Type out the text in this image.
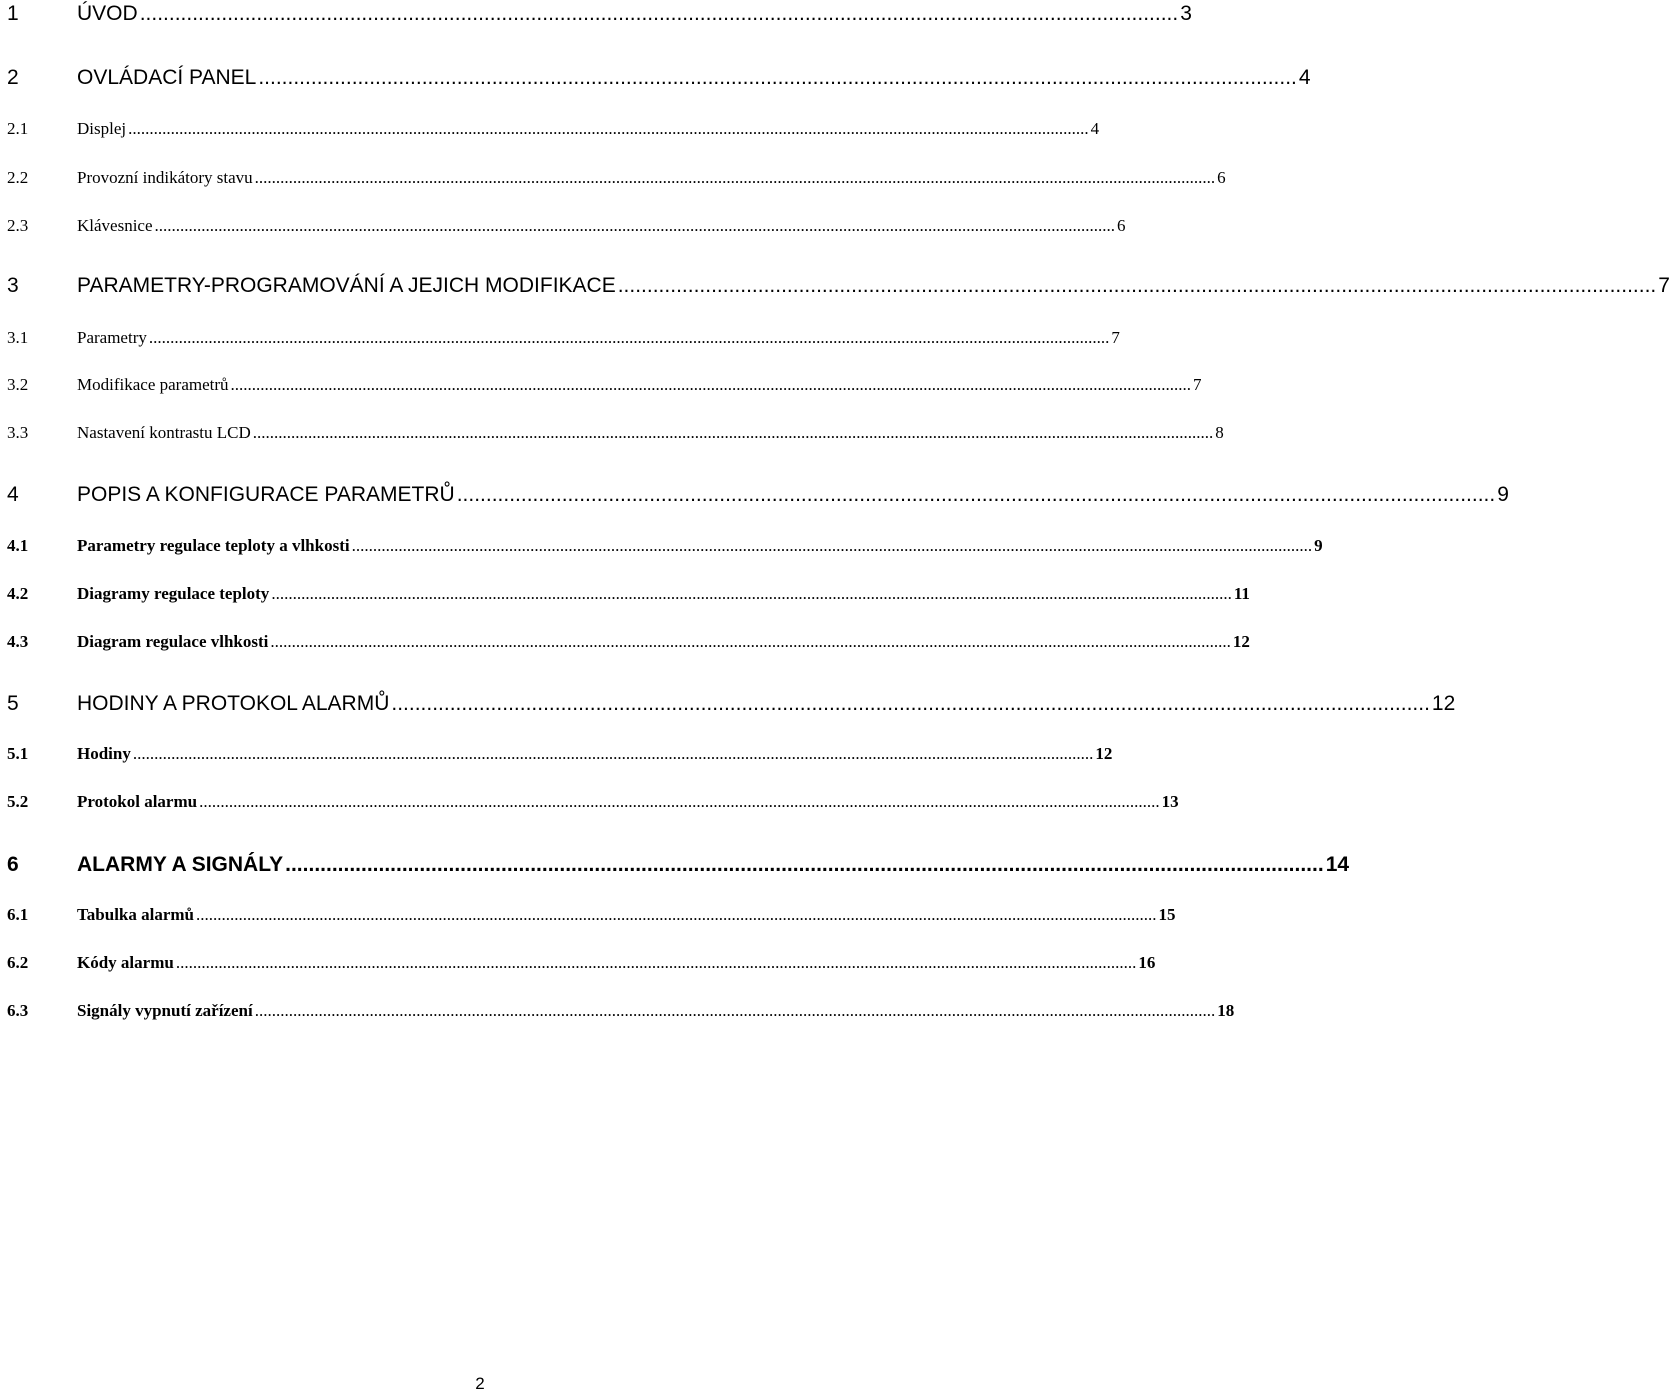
1	ÚVOD .................................................................................................................................................................................. 3
2	OVLÁDACÍ PANEL .................................................................................................................................................................................. 4
2.1	Displej .................................................................................................................................................................................................................................. 4
2.2	Provozní indikátory stavu .................................................................................................................................................................................................................................. 6
2.3	Klávesnice .................................................................................................................................................................................................................................. 6
3	PARAMETRY-PROGRAMOVÁNÍ A JEJICH MODIFIKACE .................................................................................................................................................................................. 7
3.1	Parametry .................................................................................................................................................................................................................................. 7
3.2	Modifikace parametrů .................................................................................................................................................................................................................................. 7
3.3	Nastavení kontrastu LCD .................................................................................................................................................................................................................................. 8
4	POPIS A KONFIGURACE PARAMETRŮ .................................................................................................................................................................................. 9
4.1	Parametry regulace teploty a vlhkosti .................................................................................................................................................................................................................................. 9
4.2	Diagramy regulace teploty .................................................................................................................................................................................................................................. 11
4.3	Diagram regulace vlhkosti .................................................................................................................................................................................................................................. 12
5	HODINY A PROTOKOL ALARMŮ .................................................................................................................................................................................. 12
5.1	Hodiny .................................................................................................................................................................................................................................. 12
5.2	Protokol alarmu .................................................................................................................................................................................................................................. 13
6	ALARMY A SIGNÁLY .................................................................................................................................................................................. 14
6.1	Tabulka alarmů .................................................................................................................................................................................................................................. 15
6.2	Kódy alarmu .................................................................................................................................................................................................................................. 16
6.3	Signály vypnutí zařízení .................................................................................................................................................................................................................................. 18
2
